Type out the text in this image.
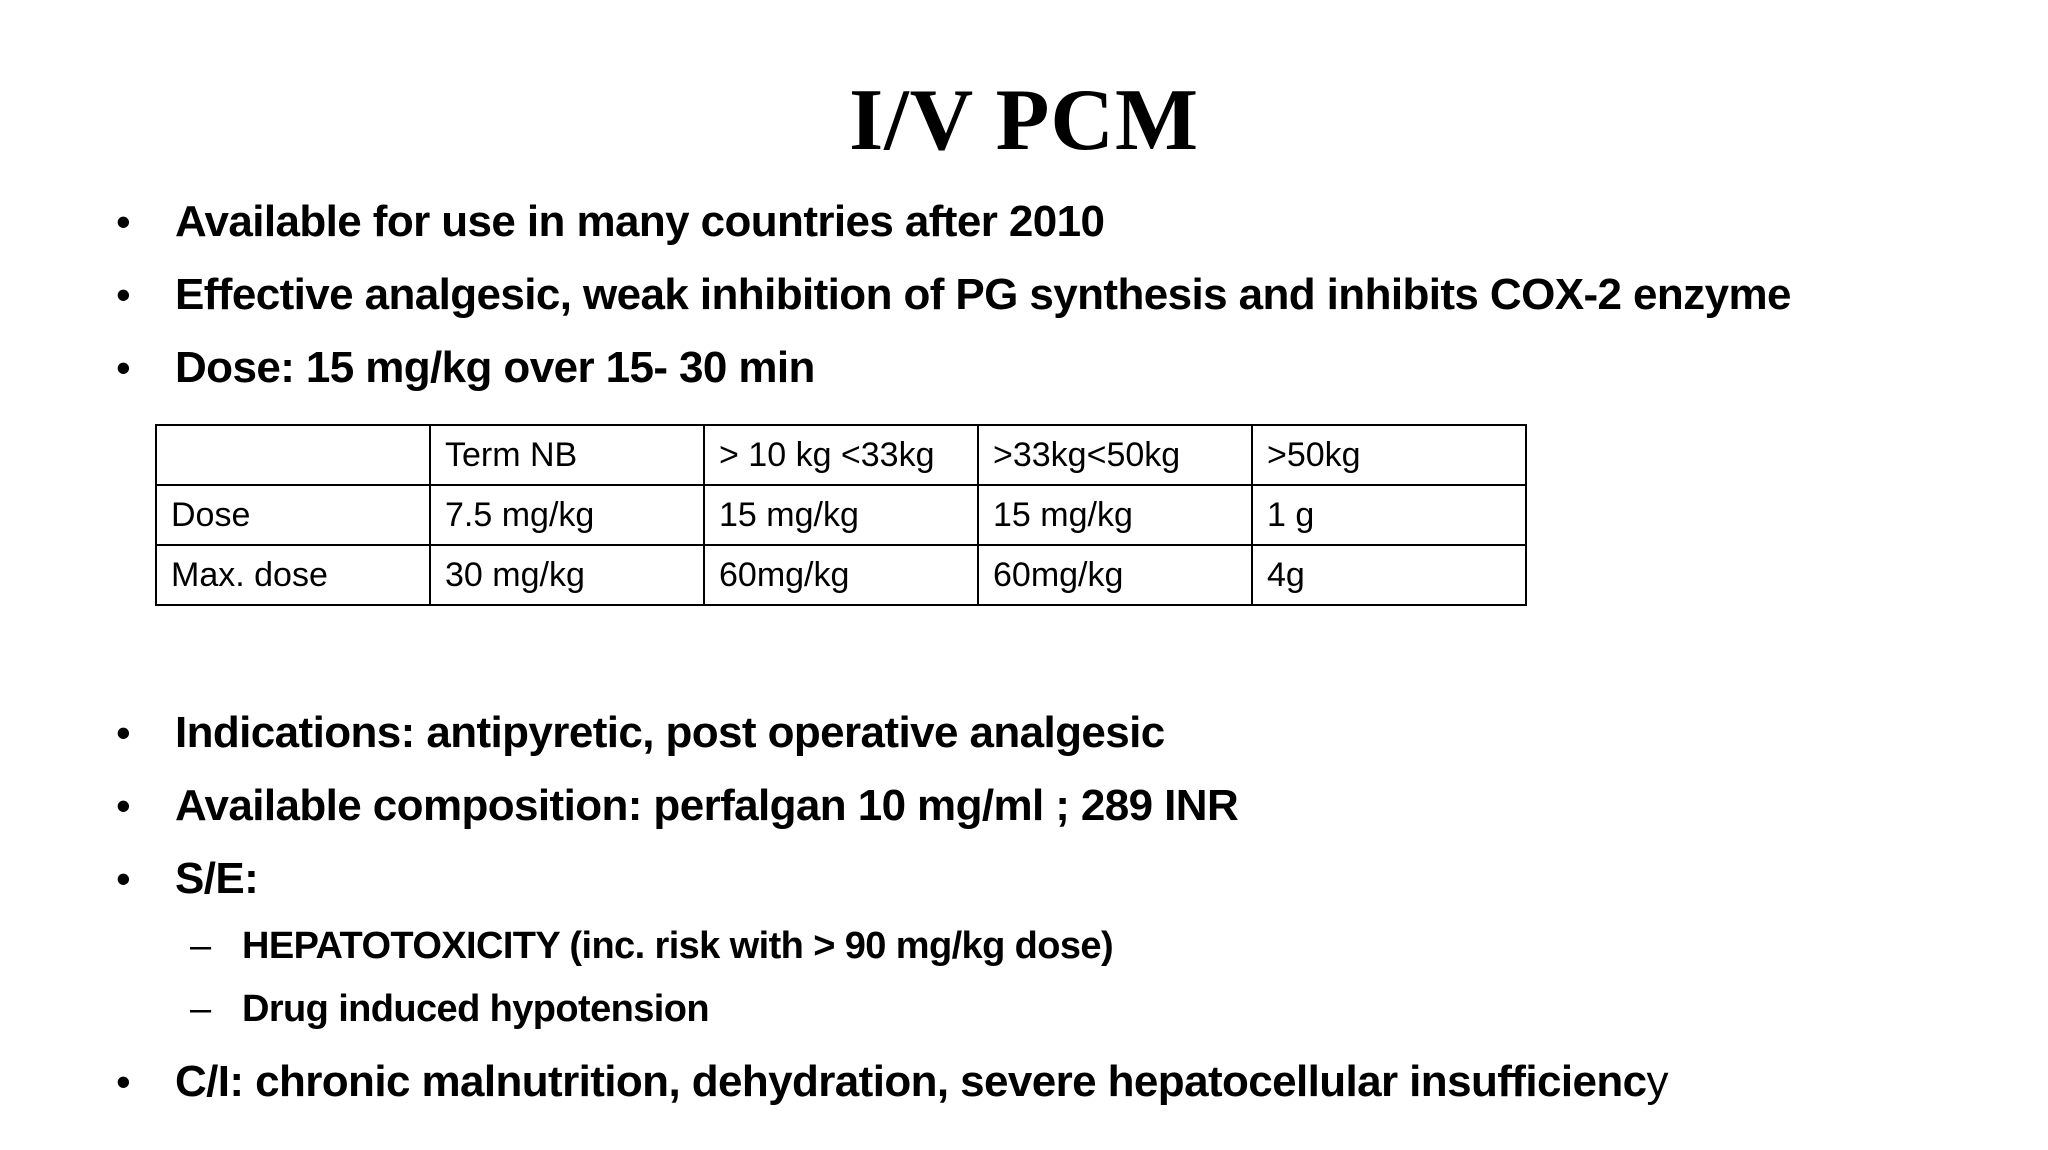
I/V PCM
• Available for use in many countries after 2010
• Effective analgesic, weak inhibition of PG synthesis and inhibits COX-2 enzyme
• Dose: 15 mg/kg over 15- 30 min
	Term NB	> 10 kg <33kg	>33kg<50kg	>50kg
Dose	7.5 mg/kg	15 mg/kg	15 mg/kg	1 g
Max. dose	30 mg/kg	60mg/kg	60mg/kg	4g
• Indications: antipyretic, post operative analgesic
• Available composition: perfalgan 10 mg/ml ; 289 INR
• S/E:
– HEPATOTOXICITY (inc. risk with > 90 mg/kg dose)
– Drug induced hypotension
• C/I: chronic malnutrition, dehydration, severe hepatocellular insufficiency
